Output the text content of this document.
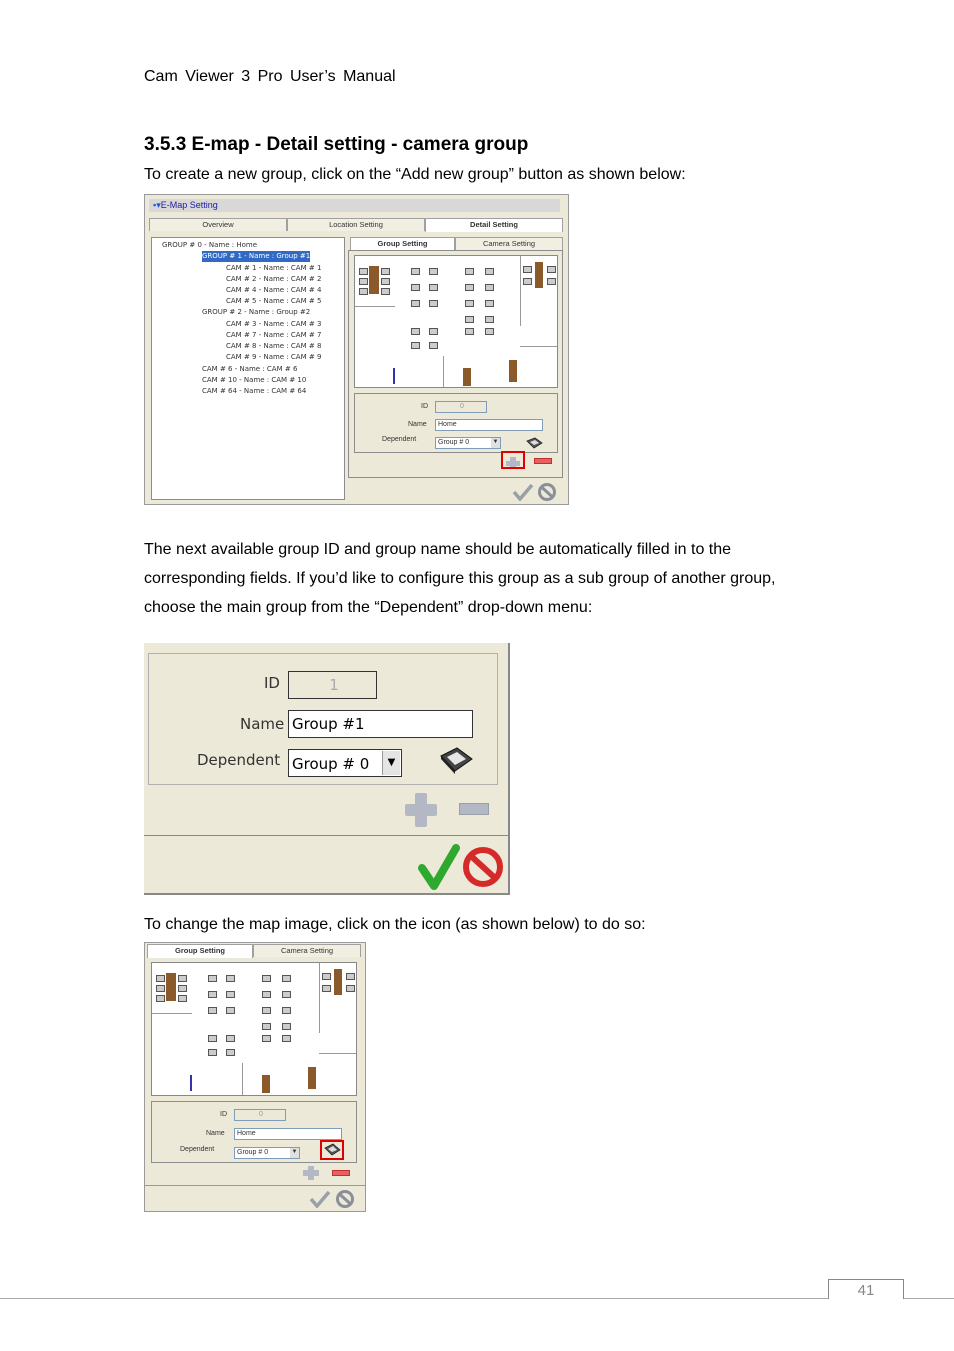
Cam Viewer 3 Pro User’s Manual
3.5.3 E-map - Detail setting - camera group
To create a new group, click on the “Add new group” button as shown below:
▪▾E-Map Setting
Overview	Location Setting	Detail Setting
GROUP # 0 - Name : Home
GROUP # 1 - Name : Group #1
CAM # 1 - Name : CAM # 1
CAM # 2 - Name : CAM # 2
CAM # 4 - Name : CAM # 4
CAM # 5 - Name : CAM # 5
GROUP # 2 - Name : Group #2
CAM # 3 - Name : CAM # 3
CAM # 7 - Name : CAM # 7
CAM # 8 - Name : CAM # 8
CAM # 9 - Name : CAM # 9
CAM # 6 - Name : CAM # 6
CAM # 10 - Name : CAM # 10
CAM # 64 - Name : CAM # 64
Group Setting	Camera Setting
ID	0
Name	Home
Dependent	Group # 0	▼
The next available group ID and group name should be automatically filled in to the
corresponding fields. If you’d like to configure this group as a sub group of another group,
choose the main group from the “Dependent” drop-down menu:
ID	1
Name Group #1
Dependent Group # 0	▼
To change the map image, click on the icon (as shown below) to do so:
Group Setting	Camera Setting
ID	0
Name	Home
Dependent	Group # 0	▼
41
